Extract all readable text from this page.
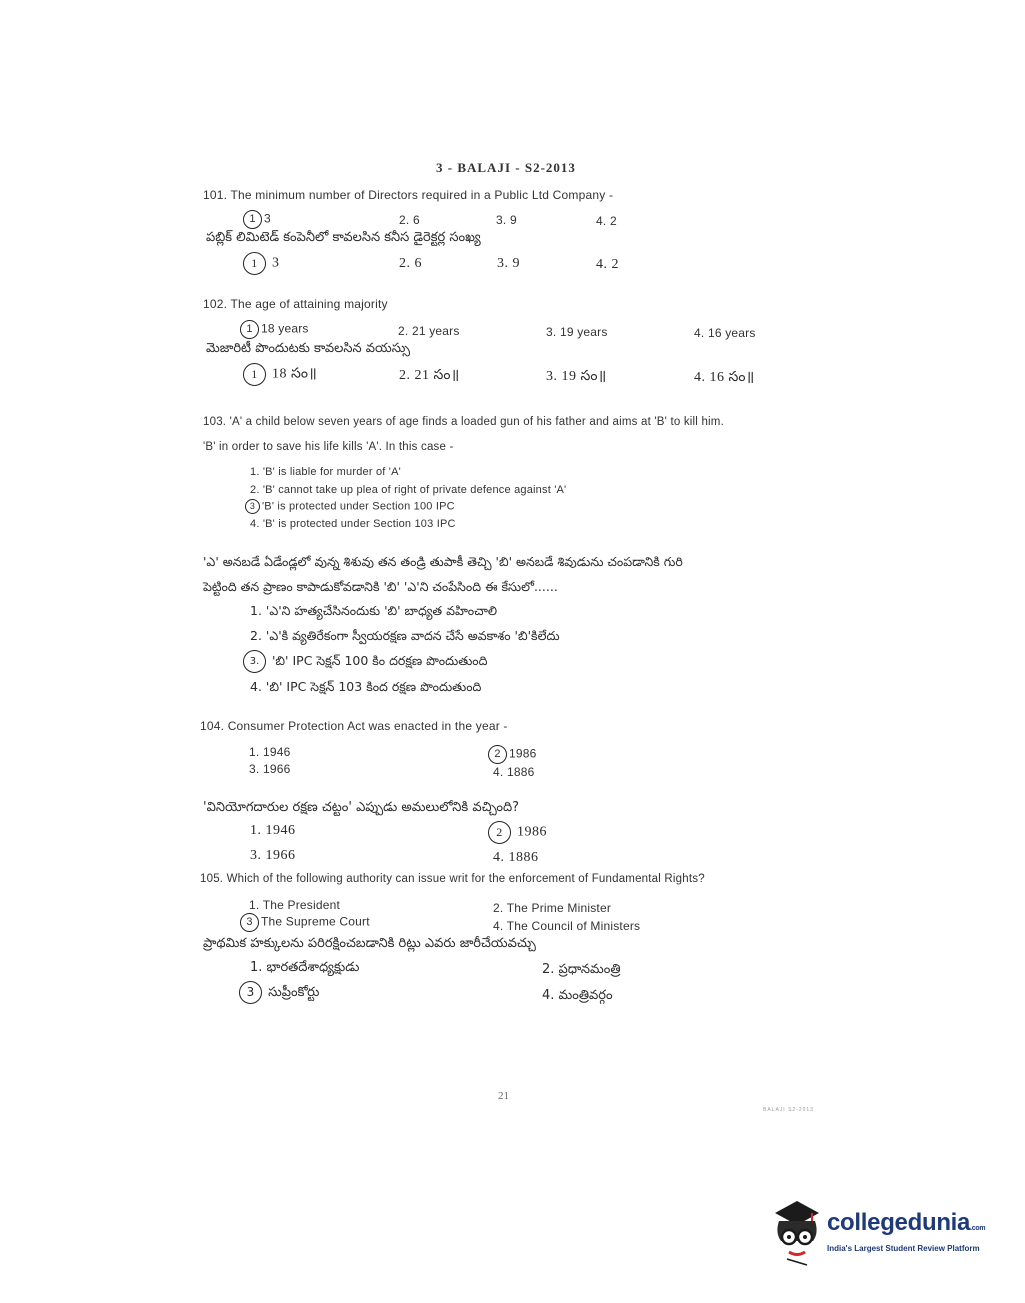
3 - BALAJI - S2-2013
101. The minimum number of Directors required in a Public Ltd Company -
1 3	2. 6	3. 9	4. 2
పబ్లిక్ లిమిటెడ్ కంపెనీలో కావలసిన కనీస డైరెక్టర్ల సంఖ్య
1 3	2. 6	3. 9	4. 2
102. The age of attaining majority
1 18 years	2. 21 years	3. 19 years	4. 16 years
మెజారిటీ పొందుటకు కావలసిన వయస్సు
1 18 సం॥	2. 21 సం॥	3. 19 సం॥	4. 16 సం॥
103. 'A' a child below seven years of age finds a loaded gun of his father and aims at 'B' to kill him.
'B' in order to save his life kills 'A'. In this case -
1. 'B' is liable for murder of 'A'
2. 'B' cannot take up plea of right of private defence against 'A'
3 'B' is protected under Section 100 IPC
4. 'B' is protected under Section 103 IPC
'ఎ' అనబడే ఏడేండ్లలో వున్న శిశువు తన తండ్రి తుపాకీ తెచ్చి 'బి' అనబడే శివుడును చంపడానికి గురి
పెట్టింది తన ప్రాణం కాపాడుకోవడానికి 'బి' 'ఎ'ని చంపేసింది ఈ కేసులో......
1. 'ఎ'ని హత్యచేసినందుకు 'బి' బాధ్యత వహించాలి
2. 'ఎ'కి వ్యతిరేకంగా స్వీయరక్షణ వాదన చేసే అవకాశం 'బి'కిలేదు
3. 'బి' IPC సెక్షన్ 100 కిం దరక్షణ పొందుతుంది
4. 'బి' IPC సెక్షన్ 103 కింద రక్షణ పొందుతుంది
104. Consumer Protection Act was enacted in the year -
1. 1946	2 1986
3. 1966	4. 1886
'వినియోగదారుల రక్షణ చట్టం' ఎప్పుడు అమలులోనికి వచ్చింది?
1. 1946	2 1986
3. 1966	4. 1886
105. Which of the following authority can issue writ for the enforcement of Fundamental Rights?
1. The President	2. The Prime Minister
3 The Supreme Court	4. The Council of Ministers
ప్రాథమిక హక్కులను పరిరక్షించబడానికి రిట్లు ఎవరు జారీచేయవచ్చు
1. భారతదేశాధ్యక్షుడు	2. ప్రధానమంత్రి
3 సుప్రీంకోర్టు	4. మంత్రివర్గం
21
BALAJI S2-2013
collegedunia.com
India's Largest Student Review Platform
